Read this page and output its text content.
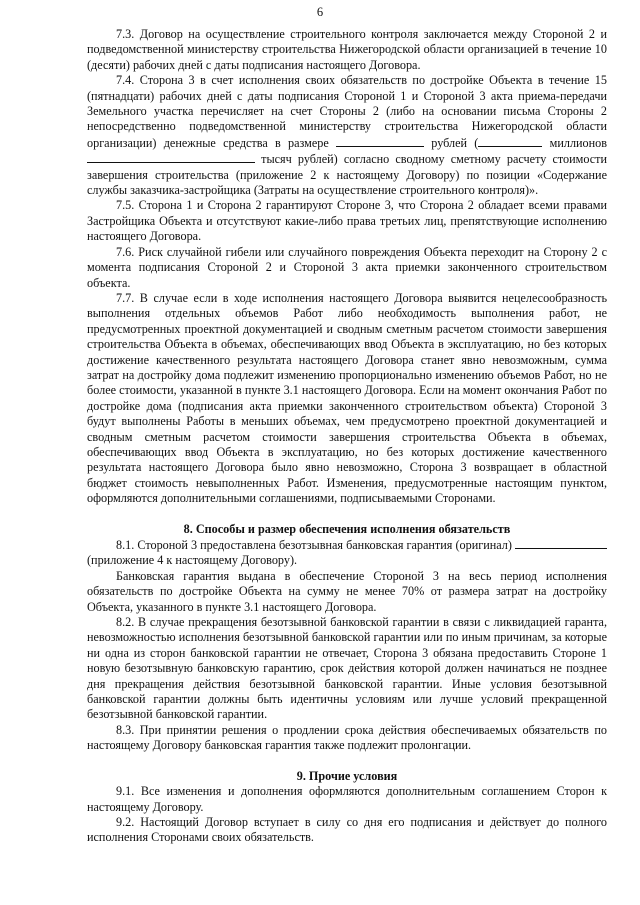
6

7.3. Договор на осуществление строительного контроля заключается между Стороной 2 и подведомственной министерству строительства Нижегородской области организацией в течение 10 (десяти) рабочих дней с даты подписания настоящего Договора.

7.4. Сторона 3 в счет исполнения своих обязательств по достройке Объекта в течение 15 (пятнадцати) рабочих дней с даты подписания Стороной 1 и Стороной 3 акта приема-передачи Земельного участка перечисляет на счет Стороны 2 (либо на основании письма Стороны 2 непосредственно подведомственной министерству строительства Нижегородской области организации) денежные средства в размере	рублей (	миллионов  тысяч рублей) согласно сводному сметному расчету стоимости завершения строительства (приложение 2 к настоящему Договору) по позиции «Содержание службы заказчика-застройщика (Затраты на осуществление строительного контроля)».

7.5. Сторона 1 и Сторона 2 гарантируют Стороне 3, что Сторона 2 обладает всеми правами Застройщика Объекта и отсутствуют какие-либо права третьих лиц, препятствующие исполнению настоящего Договора.

7.6. Риск случайной гибели или случайного повреждения Объекта переходит на Сторону 2 с момента подписания Стороной 2 и Стороной 3 акта приемки законченного строительством объекта.

7.7. В случае если в ходе исполнения настоящего Договора выявится нецелесообразность выполнения отдельных объемов Работ либо необходимость выполнения работ, не предусмотренных проектной документацией и сводным сметным расчетом стоимости завершения строительства Объекта в объемах, обеспечивающих ввод Объекта в эксплуатацию, но без которых достижение качественного результата настоящего Договора станет явно невозможным, сумма затрат на достройку дома подлежит изменению пропорционально изменению объемов Работ, но не более стоимости, указанной в пункте 3.1 настоящего Договора. Если на момент окончания Работ по достройке дома (подписания акта приемки законченного строительством объекта) Стороной 3 будут выполнены Работы в меньших объемах, чем предусмотрено проектной документацией и сводным сметным расчетом стоимости завершения строительства Объекта в объемах, обеспечивающих ввод Объекта в эксплуатацию, но без которых достижение качественного результата настоящего Договора было явно невозможно, Сторона 3 возвращает в областной бюджет стоимость невыполненных Работ. Изменения, предусмотренные настоящим пунктом, оформляются дополнительными соглашениями, подписываемыми Сторонами.

8. Способы и размер обеспечения исполнения обязательств

8.1. Стороной 3 предоставлена безотзывная банковская гарантия (оригинал)  (приложение 4 к настоящему Договору).

Банковская гарантия выдана в обеспечение Стороной 3 на весь период исполнения обязательств по достройке Объекта на сумму не менее 70% от размера затрат на достройку Объекта, указанного в пункте 3.1 настоящего Договора.

8.2. В случае прекращения безотзывной банковской гарантии в связи с ликвидацией гаранта, невозможностью исполнения безотзывной банковской гарантии или по иным причинам, за которые ни одна из сторон банковской гарантии не отвечает, Сторона 3 обязана предоставить Стороне 1 новую безотзывную банковскую гарантию, срок действия которой должен начинаться не позднее дня прекращения действия безотзывной банковской гарантии. Иные условия безотзывной банковской гарантии должны быть идентичны условиям или лучше условий прекращенной безотзывной банковской гарантии.

8.3. При принятии решения о продлении срока действия обеспечиваемых обязательств по настоящему Договору банковская гарантия также подлежит пролонгации.

9. Прочие условия

9.1. Все изменения и дополнения оформляются дополнительным соглашением Сторон к настоящему Договору.

9.2. Настоящий Договор вступает в силу со дня его подписания и действует до полного исполнения Сторонами своих обязательств.
